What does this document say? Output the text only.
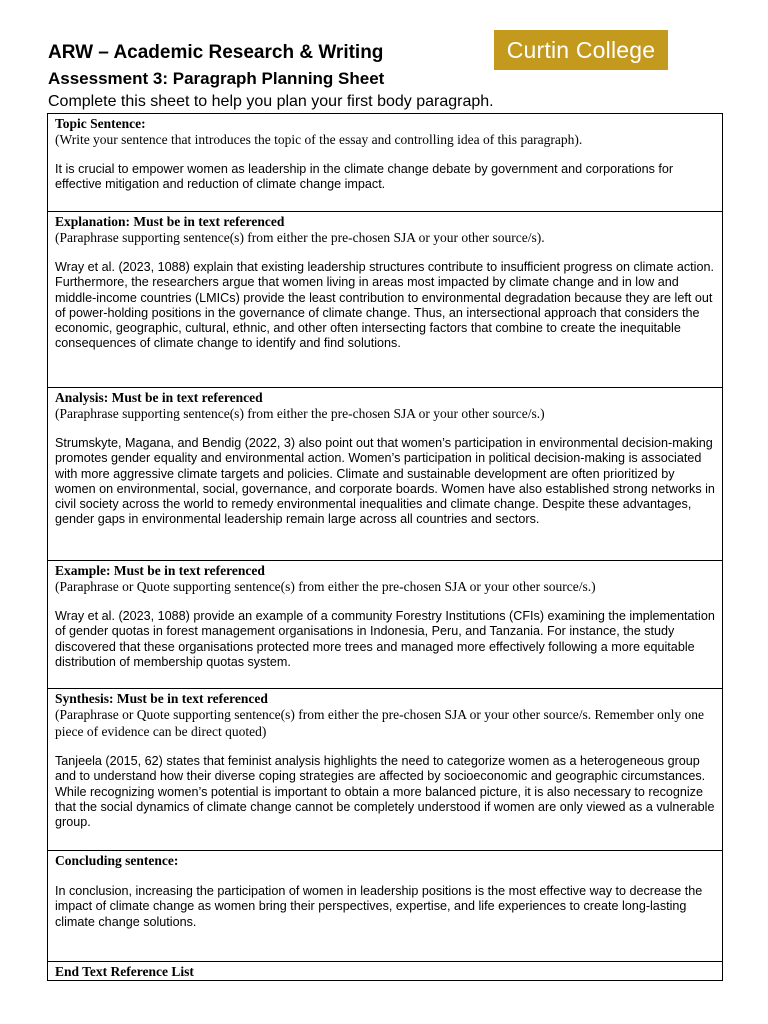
Curtin College
ARW – Academic Research & Writing
Assessment 3: Paragraph Planning Sheet

Complete this sheet to help you plan your first body paragraph.

Topic Sentence:
(Write your sentence that introduces the topic of the essay and controlling idea of this paragraph).
It is crucial to empower women as leadership in the climate change debate by government and corporations for effective mitigation and reduction of climate change impact.
Explanation: Must be in text referenced
(Paraphrase supporting sentence(s) from either the pre-chosen SJA or your other source/s).
Wray et al. (2023, 1088) explain that existing leadership structures contribute to insufficient progress on climate action. Furthermore, the researchers argue that women living in areas most impacted by climate change and in low and middle-income countries (LMICs) provide the least contribution to environmental degradation because they are left out of power-holding positions in the governance of climate change. Thus, an intersectional approach that considers the economic, geographic, cultural, ethnic, and other often intersecting factors that combine to create the inequitable consequences of climate change to identify and find solutions.
Analysis: Must be in text referenced
(Paraphrase supporting sentence(s) from either the pre-chosen SJA or your other source/s.)
Strumskyte, Magana, and Bendig (2022, 3) also point out that women’s participation in environmental decision-making promotes gender equality and environmental action. Women’s participation in political decision-making is associated with more aggressive climate targets and policies. Climate and sustainable development are often prioritized by women on environmental, social, governance, and corporate boards. Women have also established strong networks in civil society across the world to remedy environmental inequalities and climate change. Despite these advantages, gender gaps in environmental leadership remain large across all countries and sectors.
Example: Must be in text referenced
(Paraphrase or Quote supporting sentence(s) from either the pre-chosen SJA or your other source/s.)
Wray et al. (2023, 1088) provide an example of a community Forestry Institutions (CFIs) examining the implementation of gender quotas in forest management organisations in Indonesia, Peru, and Tanzania. For instance, the study discovered that these organisations protected more trees and managed more effectively following a more equitable distribution of membership quotas system.
Synthesis: Must be in text referenced
(Paraphrase or Quote supporting sentence(s) from either the pre-chosen SJA or your other source/s. Remember only one piece of evidence can be direct quoted)
Tanjeela (2015, 62) states that feminist analysis highlights the need to categorize women as a heterogeneous group and to understand how their diverse coping strategies are affected by socioeconomic and geographic circumstances. While recognizing women’s potential is important to obtain a more balanced picture, it is also necessary to recognize that the social dynamics of climate change cannot be completely understood if women are only viewed as a vulnerable group.
Concluding sentence:
In conclusion, increasing the participation of women in leadership positions is the most effective way to decrease the impact of climate change as women bring their perspectives, expertise, and life experiences to create long-lasting climate change solutions.
End Text Reference List
